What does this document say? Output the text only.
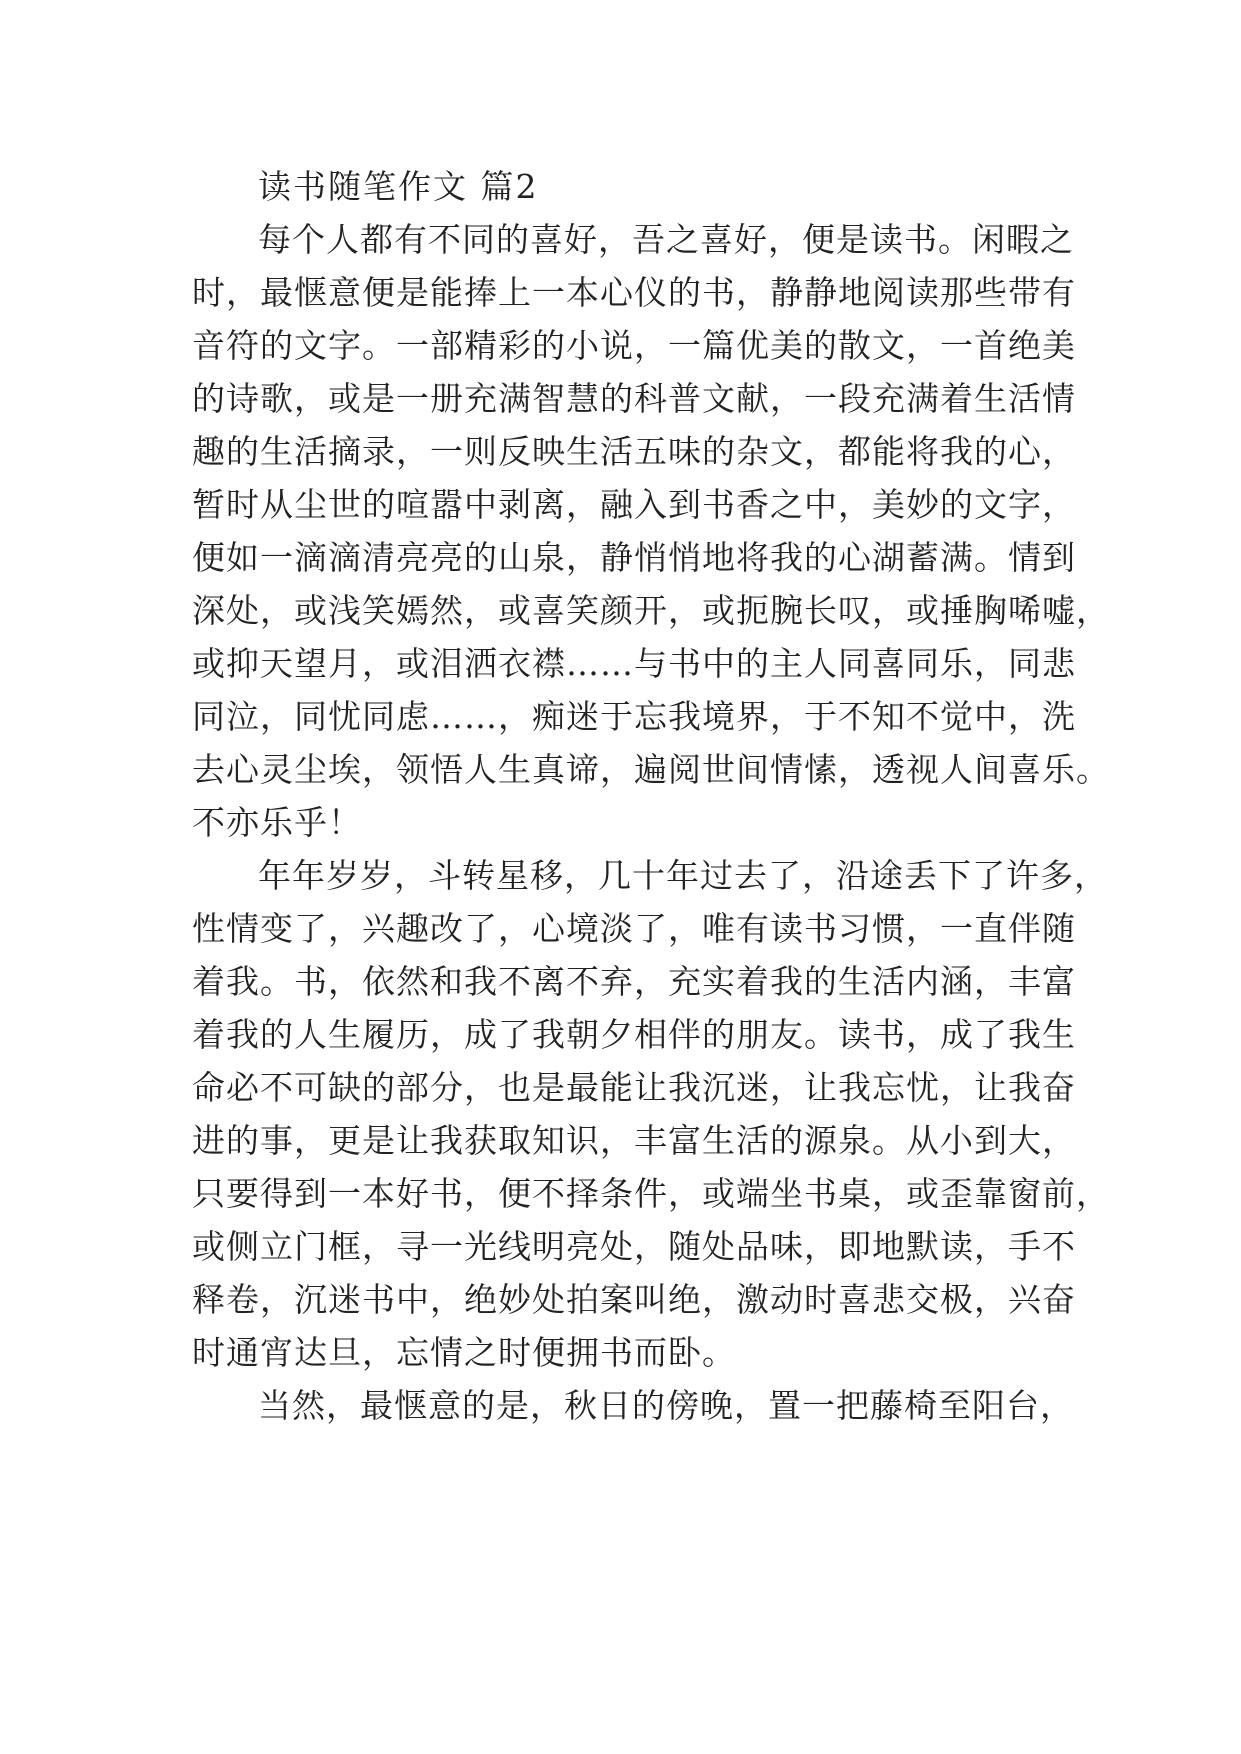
读书随笔作文 篇2
每个人都有不同的喜好，吾之喜好，便是读书。闲暇之
时，最惬意便是能捧上一本心仪的书，静静地阅读那些带有
音符的文字。一部精彩的小说，一篇优美的散文，一首绝美
的诗歌，或是一册充满智慧的科普文献，一段充满着生活情
趣的生活摘录，一则反映生活五味的杂文，都能将我的心，
暂时从尘世的喧嚣中剥离，融入到书香之中，美妙的文字，
便如一滴滴清亮亮的山泉，静悄悄地将我的心湖蓄满。情到
深处，或浅笑嫣然，或喜笑颜开，或扼腕长叹，或捶胸唏嘘，
或抑天望月，或泪洒衣襟……与书中的主人同喜同乐，同悲
同泣，同忧同虑……，痴迷于忘我境界，于不知不觉中，洗
去心灵尘埃，领悟人生真谛，遍阅世间情愫，透视人间喜乐。
不亦乐乎！
年年岁岁，斗转星移，几十年过去了，沿途丢下了许多，
性情变了，兴趣改了，心境淡了，唯有读书习惯，一直伴随
着我。书，依然和我不离不弃，充实着我的生活内涵，丰富
着我的人生履历，成了我朝夕相伴的朋友。读书，成了我生
命必不可缺的部分，也是最能让我沉迷，让我忘忧，让我奋
进的事，更是让我获取知识，丰富生活的源泉。从小到大，
只要得到一本好书，便不择条件，或端坐书桌，或歪靠窗前，
或侧立门框，寻一光线明亮处，随处品味，即地默读，手不
释卷，沉迷书中，绝妙处拍案叫绝，激动时喜悲交极，兴奋
时通宵达旦，忘情之时便拥书而卧。
当然，最惬意的是，秋日的傍晚，置一把藤椅至阳台，
